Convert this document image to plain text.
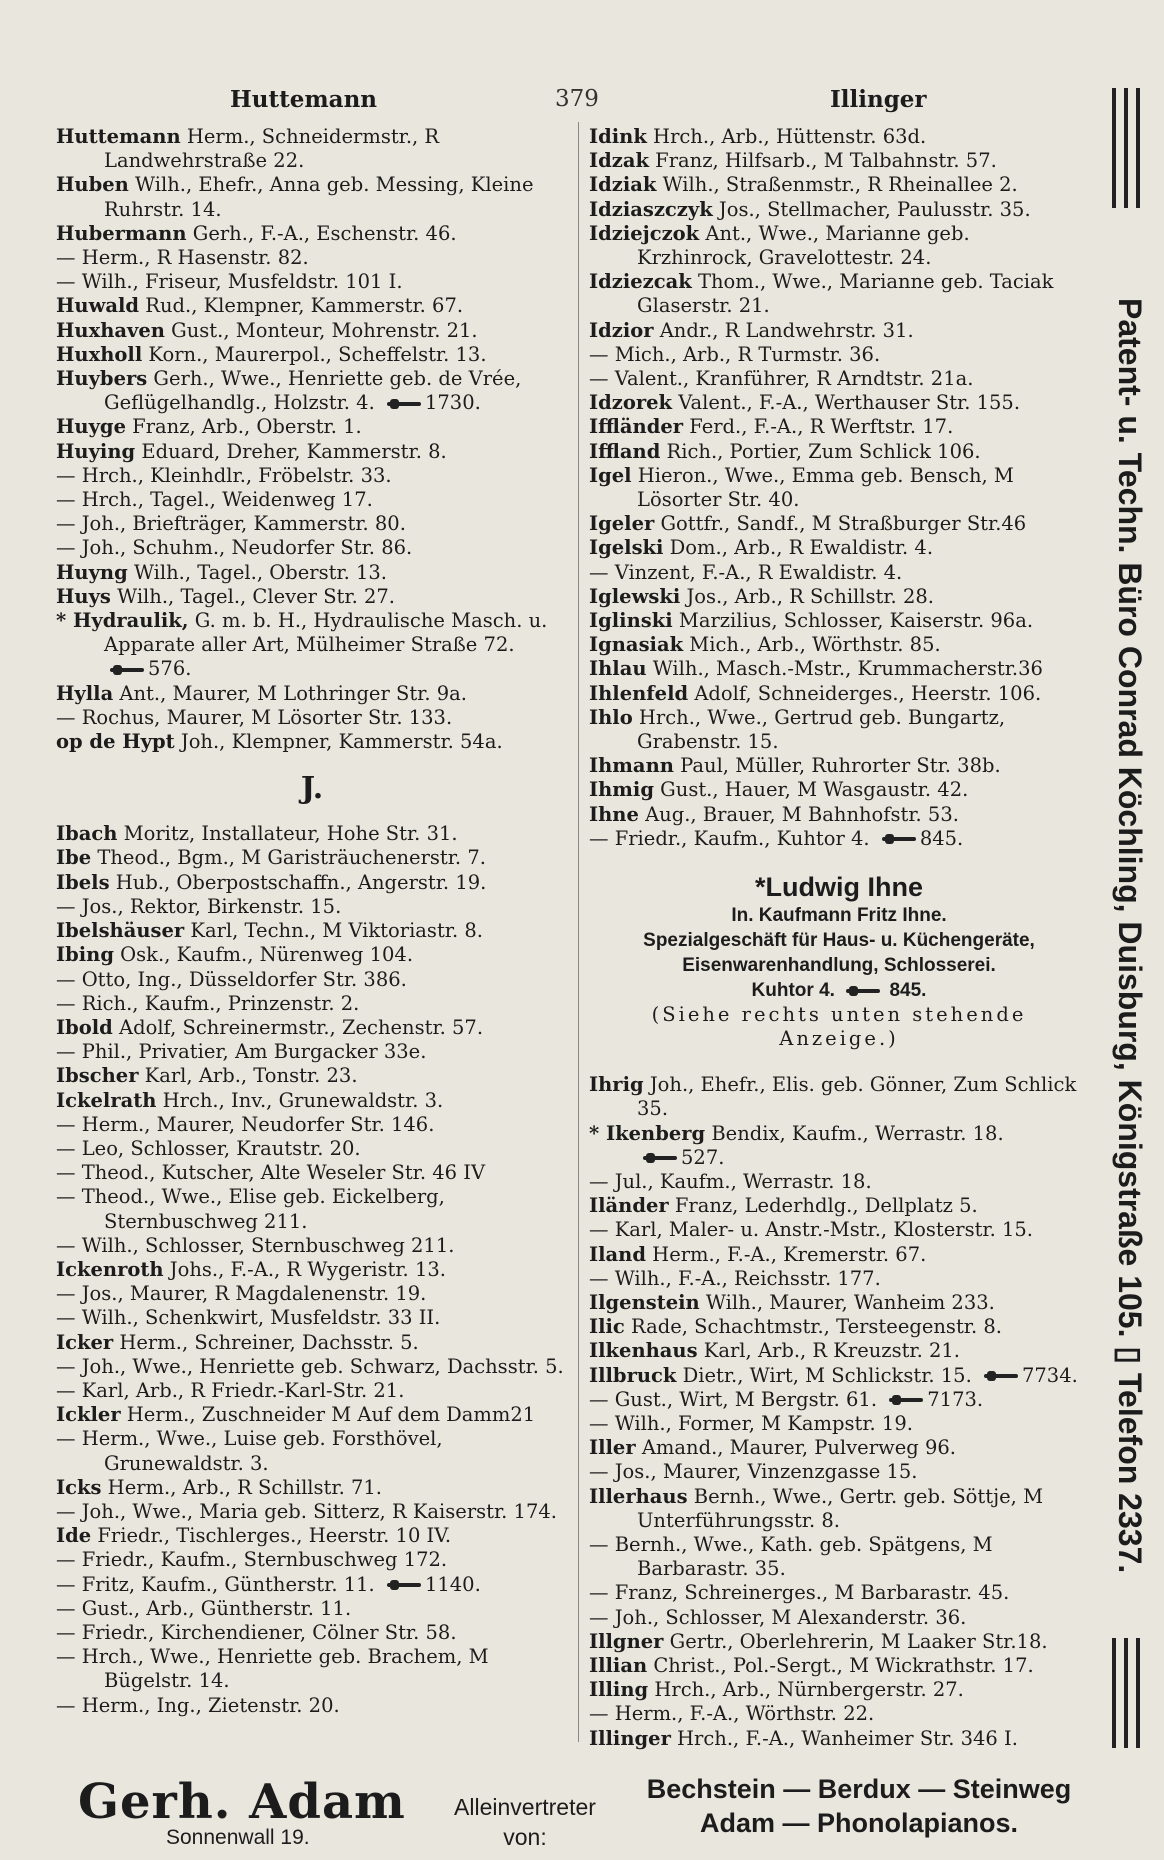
Huttemann	379	Illinger
Huttemann Herm., Schneidermstr., R Landwehrstraße 22.
Huben Wilh., Ehefr., Anna geb. Messing, Kleine Ruhrstr. 14.
Hubermann Gerh., F.-A., Eschenstr. 46.
— Herm., R Hasenstr. 82.
— Wilh., Friseur, Musfeldstr. 101 I.
Huwald Rud., Klempner, Kammerstr. 67.
Huxhaven Gust., Monteur, Mohrenstr. 21.
Huxholl Korn., Maurerpol., Scheffelstr. 13.
Huybers Gerh., Wwe., Henriette geb. de Vrée, Geflügelhandlg., Holzstr. 4.	1730.
Huyge Franz, Arb., Oberstr. 1.
Huying Eduard, Dreher, Kammerstr. 8.
— Hrch., Kleinhdlr., Fröbelstr. 33.
— Hrch., Tagel., Weidenweg 17.
— Joh., Briefträger, Kammerstr. 80.
— Joh., Schuhm., Neudorfer Str. 86.
Huyng Wilh., Tagel., Oberstr. 13.
Huys Wilh., Tagel., Clever Str. 27.
* Hydraulik, G. m. b. H., Hydraulische Masch. u. Apparate aller Art, Mülheimer Straße 72. 576.
Hylla Ant., Maurer, M Lothringer Str. 9a.
— Rochus, Maurer, M Lösorter Str. 133.
op de Hypt Joh., Klempner, Kammerstr. 54a.
J.
Ibach Moritz, Installateur, Hohe Str. 31.
Ibe Theod., Bgm., M Garisträuchenerstr. 7.
Ibels Hub., Oberpostschaffn., Angerstr. 19.
— Jos., Rektor, Birkenstr. 15.
Ibelshäuser Karl, Techn., M Viktoriastr. 8.
Ibing Osk., Kaufm., Nürenweg 104.
— Otto, Ing., Düsseldorfer Str. 386.
— Rich., Kaufm., Prinzenstr. 2.
Ibold Adolf, Schreinermstr., Zechenstr. 57.
— Phil., Privatier, Am Burgacker 33e.
Ibscher Karl, Arb., Tonstr. 23.
Ickelrath Hrch., Inv., Grunewaldstr. 3.
— Herm., Maurer, Neudorfer Str. 146.
— Leo, Schlosser, Krautstr. 20.
— Theod., Kutscher, Alte Weseler Str. 46 IV
— Theod., Wwe., Elise geb. Eickelberg, Sternbuschweg 211.
— Wilh., Schlosser, Sternbuschweg 211.
Ickenroth Johs., F.-A., R Wygeristr. 13.
— Jos., Maurer, R Magdalenenstr. 19.
— Wilh., Schenkwirt, Musfeldstr. 33 II.
Icker Herm., Schreiner, Dachsstr. 5.
— Joh., Wwe., Henriette geb. Schwarz, Dachsstr. 5.
— Karl, Arb., R Friedr.-Karl-Str. 21.
Ickler Herm., Zuschneider M Auf dem Damm21
— Herm., Wwe., Luise geb. Forsthövel, Grunewaldstr. 3.
Icks Herm., Arb., R Schillstr. 71.
— Joh., Wwe., Maria geb. Sitterz, R Kaiserstr. 174.
Ide Friedr., Tischlerges., Heerstr. 10 IV.
— Friedr., Kaufm., Sternbuschweg 172.
— Fritz, Kaufm., Güntherstr. 11.	1140.
— Gust., Arb., Güntherstr. 11.
— Friedr., Kirchendiener, Cölner Str. 58.
— Hrch., Wwe., Henriette geb. Brachem, M Bügelstr. 14.
— Herm., Ing., Zietenstr. 20.
Idink Hrch., Arb., Hüttenstr. 63d.
Idzak Franz, Hilfsarb., M Talbahnstr. 57.
Idziak Wilh., Straßenmstr., R Rheinallee 2.
Idziaszczyk Jos., Stellmacher, Paulusstr. 35.
Idziejczok Ant., Wwe., Marianne geb. Krzhinrock, Gravelottestr. 24.
Idziezcak Thom., Wwe., Marianne geb. Taciak Glaserstr. 21.
Idzior Andr., R Landwehrstr. 31.
— Mich., Arb., R Turmstr. 36.
— Valent., Kranführer, R Arndtstr. 21a.
Idzorek Valent., F.-A., Werthauser Str. 155.
Iffländer Ferd., F.-A., R Werftstr. 17.
Iffland Rich., Portier, Zum Schlick 106.
Igel Hieron., Wwe., Emma geb. Bensch, M Lösorter Str. 40.
Igeler Gottfr., Sandf., M Straßburger Str.46
Igelski Dom., Arb., R Ewaldistr. 4.
— Vinzent, F.-A., R Ewaldistr. 4.
Iglewski Jos., Arb., R Schillstr. 28.
Iglinski Marzilius, Schlosser, Kaiserstr. 96a.
Ignasiak Mich., Arb., Wörthstr. 85.
Ihlau Wilh., Masch.-Mstr., Krummacherstr.36
Ihlenfeld Adolf, Schneiderges., Heerstr. 106.
Ihlo Hrch., Wwe., Gertrud geb. Bungartz, Grabenstr. 15.
Ihmann Paul, Müller, Ruhrorter Str. 38b.
Ihmig Gust., Hauer, M Wasgaustr. 42.
Ihne Aug., Brauer, M Bahnhofstr. 53.
— Friedr., Kaufm., Kuhtor 4.	845.
*Ludwig Ihne
In. Kaufmann Fritz Ihne.
Spezialgeschäft für Haus- u. Küchengeräte,
Eisenwarenhandlung, Schlosserei.
Kuhtor 4.	845.
(Siehe rechts unten stehende
Anzeige.)
Ihrig Joh., Ehefr., Elis. geb. Gönner, Zum Schlick 35.
* Ikenberg Bendix, Kaufm., Werrastr. 18. 527.
— Jul., Kaufm., Werrastr. 18.
Iländer Franz, Lederhdlg., Dellplatz 5.
— Karl, Maler- u. Anstr.-Mstr., Klosterstr. 15.
Iland Herm., F.-A., Kremerstr. 67.
— Wilh., F.-A., Reichsstr. 177.
Ilgenstein Wilh., Maurer, Wanheim 233.
Ilic Rade, Schachtmstr., Tersteegenstr. 8.
Ilkenhaus Karl, Arb., R Kreuzstr. 21.
Illbruck Dietr., Wirt, M Schlickstr. 15.	7734.
— Gust., Wirt, M Bergstr. 61.	7173.
— Wilh., Former, M Kampstr. 19.
Iller Amand., Maurer, Pulverweg 96.
— Jos., Maurer, Vinzenzgasse 15.
Illerhaus Bernh., Wwe., Gertr. geb. Söttje, M Unterführungsstr. 8.
— Bernh., Wwe., Kath. geb. Spätgens, M Barbarastr. 35.
— Franz, Schreinerges., M Barbarastr. 45.
— Joh., Schlosser, M Alexanderstr. 36.
Illgner Gertr., Oberlehrerin, M Laaker Str.18.
Illian Christ., Pol.-Sergt., M Wickrathstr. 17.
Illing Hrch., Arb., Nürnbergerstr. 27.
— Herm., F.-A., Wörthstr. 22.
Illinger Hrch., F.-A., Wanheimer Str. 346 I.
Patent- u. Techn. Büro Conrad Köchling, Duisburg, Königstraße 105. ▯ Telefon 2337.
Gerh. Adam
Sonnenwall 19.
Alleinvertreter
von:
Bechstein — Berdux — Steinweg
Adam — Phonolapianos.
